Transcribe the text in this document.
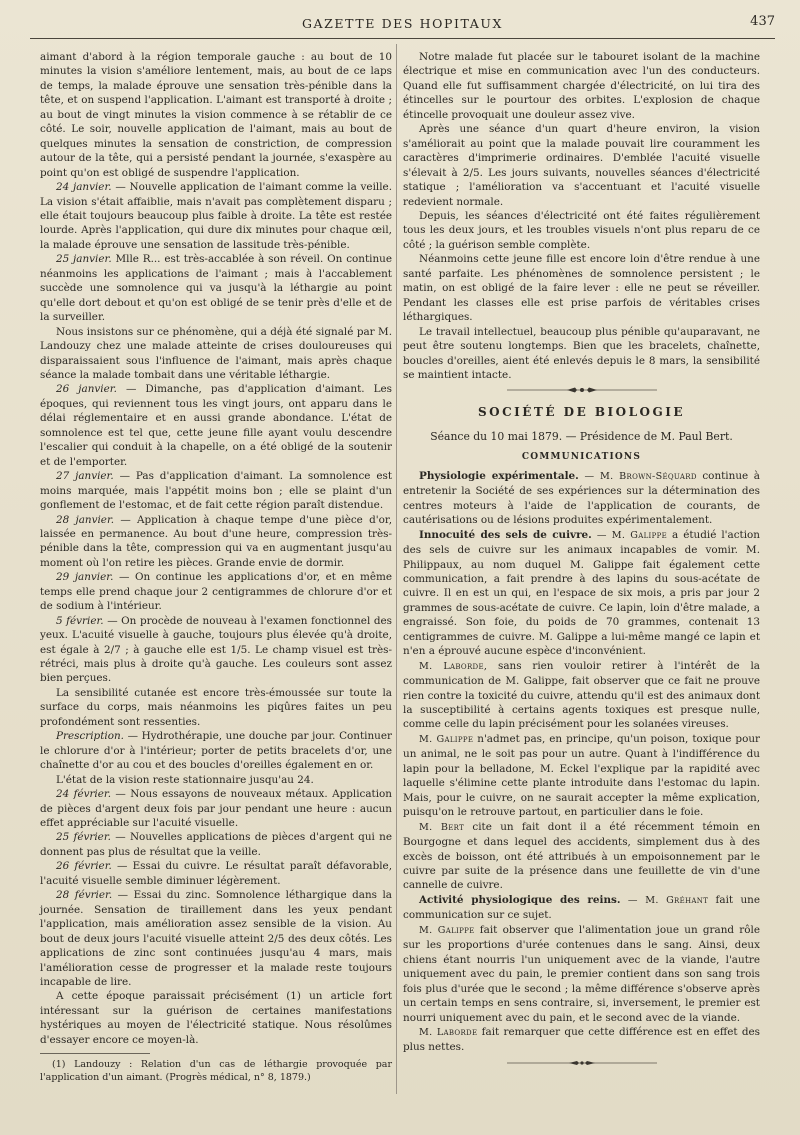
GAZETTE DES HOPITAUX	437

aimant d'abord à la région temporale gauche : au bout de 10 minutes la vision s'améliore lentement, mais, au bout de ce laps de temps, la malade éprouve une sensation très-pénible dans la tête, et on suspend l'application. L'aimant est transporté à droite ; au bout de vingt minutes la vision commence à se rétablir de ce côté. Le soir, nouvelle application de l'aimant, mais au bout de quelques minutes la sensation de constriction, de compression autour de la tête, qui a persisté pendant la journée, s'exaspère au point qu'on est obligé de suspendre l'application.

24 janvier. — Nouvelle application de l'aimant comme la veille. La vision s'était affaiblie, mais n'avait pas complètement disparu ; elle était toujours beaucoup plus faible à droite. La tête est restée lourde. Après l'application, qui dure dix minutes pour chaque œil, la malade éprouve une sensation de lassitude très-pénible.

25 janvier. Mlle R... est très-accablée à son réveil. On continue néanmoins les applications de l'aimant ; mais à l'accablement succède une somnolence qui va jusqu'à la léthargie au point qu'elle dort debout et qu'on est obligé de se tenir près d'elle et de la surveiller.

Nous insistons sur ce phénomène, qui a déjà été signalé par M. Landouzy chez une malade atteinte de crises douloureuses qui disparaissaient sous l'influence de l'aimant, mais après chaque séance la malade tombait dans une véritable léthargie.

26 janvier. — Dimanche, pas d'application d'aimant. Les époques, qui reviennent tous les vingt jours, ont apparu dans le délai réglementaire et en aussi grande abondance. L'état de somnolence est tel que, cette jeune fille ayant voulu descendre l'escalier qui conduit à la chapelle, on a été obligé de la soutenir et de l'emporter.

27 janvier. — Pas d'application d'aimant. La somnolence est moins marquée, mais l'appétit moins bon ; elle se plaint d'un gonflement de l'estomac, et de fait cette région paraît distendue.

28 janvier. — Application à chaque tempe d'une pièce d'or, laissée en permanence. Au bout d'une heure, compression très-pénible dans la tête, compression qui va en augmentant jusqu'au moment où l'on retire les pièces. Grande envie de dormir.

29 janvier. — On continue les applications d'or, et en même temps elle prend chaque jour 2 centigrammes de chlorure d'or et de sodium à l'intérieur.

5 février. — On procède de nouveau à l'examen fonctionnel des yeux. L'acuité visuelle à gauche, toujours plus élevée qu'à droite, est égale à 2/7 ; à gauche elle est 1/5. Le champ visuel est très-rétréci, mais plus à droite qu'à gauche. Les couleurs sont assez bien perçues.

La sensibilité cutanée est encore très-émoussée sur toute la surface du corps, mais néanmoins les piqûres faites un peu profondément sont ressenties.

Prescription. — Hydrothérapie, une douche par jour. Continuer le chlorure d'or à l'intérieur; porter de petits bracelets d'or, une chaînette d'or au cou et des boucles d'oreilles également en or.

L'état de la vision reste stationnaire jusqu'au 24.

24 février. — Nous essayons de nouveaux métaux. Application de pièces d'argent deux fois par jour pendant une heure : aucun effet appréciable sur l'acuité visuelle.

25 février. — Nouvelles applications de pièces d'argent qui ne donnent pas plus de résultat que la veille.

26 février. — Essai du cuivre. Le résultat paraît défavorable, l'acuité visuelle semble diminuer légèrement.

28 février. — Essai du zinc. Somnolence léthargique dans la journée. Sensation de tiraillement dans les yeux pendant l'application, mais amélioration assez sensible de la vision. Au bout de deux jours l'acuité visuelle atteint 2/5 des deux côtés. Les applications de zinc sont continuées jusqu'au 4 mars, mais l'amélioration cesse de progresser et la malade reste toujours incapable de lire.

A cette époque paraissait précisément (1) un article fort intéressant sur la guérison de certaines manifestations hystériques au moyen de l'électricité statique. Nous résolûmes d'essayer encore ce moyen-là.

(1) Landouzy : Relation d'un cas de léthargie provoquée par l'application d'un aimant. (Progrès médical, n° 8, 1879.)

Notre malade fut placée sur le tabouret isolant de la machine électrique et mise en communication avec l'un des conducteurs. Quand elle fut suffisamment chargée d'électricité, on lui tira des étincelles sur le pourtour des orbites. L'explosion de chaque étincelle provoquait une douleur assez vive.

Après une séance d'un quart d'heure environ, la vision s'améliorait au point que la malade pouvait lire couramment les caractères d'imprimerie ordinaires. D'emblée l'acuité visuelle s'élevait à 2/5. Les jours suivants, nouvelles séances d'électricité statique ; l'amélioration va s'accentuant et l'acuité visuelle redevient normale.

Depuis, les séances d'électricité ont été faites régulièrement tous les deux jours, et les troubles visuels n'ont plus reparu de ce côté ; la guérison semble complète.

Néanmoins cette jeune fille est encore loin d'être rendue à une santé parfaite. Les phénomènes de somnolence persistent ; le matin, on est obligé de la faire lever : elle ne peut se réveiller. Pendant les classes elle est prise parfois de véritables crises léthargiques.

Le travail intellectuel, beaucoup plus pénible qu'auparavant, ne peut être soutenu longtemps. Bien que les bracelets, chaînette, boucles d'oreilles, aient été enlevés depuis le 8 mars, la sensibilité se maintient intacte.

SOCIÉTÉ DE BIOLOGIE
Séance du 10 mai 1879. — Présidence de M. Paul Bert.
COMMUNICATIONS

Physiologie expérimentale. — M. Brown-Séquard continue à entretenir la Société de ses expériences sur la détermination des centres moteurs à l'aide de l'application de courants, de cautérisations ou de lésions produites expérimentalement.

Innocuité des sels de cuivre. — M. Galippe a étudié l'action des sels de cuivre sur les animaux incapables de vomir. M. Philippaux, au nom duquel M. Galippe fait également cette communication, a fait prendre à des lapins du sous-acétate de cuivre. Il en est un qui, en l'espace de six mois, a pris par jour 2 grammes de sous-acétate de cuivre. Ce lapin, loin d'être malade, a engraissé. Son foie, du poids de 70 grammes, contenait 13 centigrammes de cuivre. M. Galippe a lui-même mangé ce lapin et n'en a éprouvé aucune espèce d'inconvénient.

M. Laborde, sans rien vouloir retirer à l'intérêt de la communication de M. Galippe, fait observer que ce fait ne prouve rien contre la toxicité du cuivre, attendu qu'il est des animaux dont la susceptibilité à certains agents toxiques est presque nulle, comme celle du lapin précisément pour les solanées vireuses.

M. Galippe n'admet pas, en principe, qu'un poison, toxique pour un animal, ne le soit pas pour un autre. Quant à l'indifférence du lapin pour la belladone, M. Eckel l'explique par la rapidité avec laquelle s'élimine cette plante introduite dans l'estomac du lapin. Mais, pour le cuivre, on ne saurait accepter la même explication, puisqu'on le retrouve partout, en particulier dans le foie.

M. Bert cite un fait dont il a été récemment témoin en Bourgogne et dans lequel des accidents, simplement dus à des excès de boisson, ont été attribués à un empoisonnement par le cuivre par suite de la présence dans une feuillette de vin d'une cannelle de cuivre.

Activité physiologique des reins. — M. Gréhant fait une communication sur ce sujet.

M. Galippe fait observer que l'alimentation joue un grand rôle sur les proportions d'urée contenues dans le sang. Ainsi, deux chiens étant nourris l'un uniquement avec de la viande, l'autre uniquement avec du pain, le premier contient dans son sang trois fois plus d'urée que le second ; la même différence s'observe après un certain temps en sens contraire, si, inversement, le premier est nourri uniquement avec du pain, et le second avec de la viande.

M. Laborde fait remarquer que cette différence est en effet des plus nettes.
